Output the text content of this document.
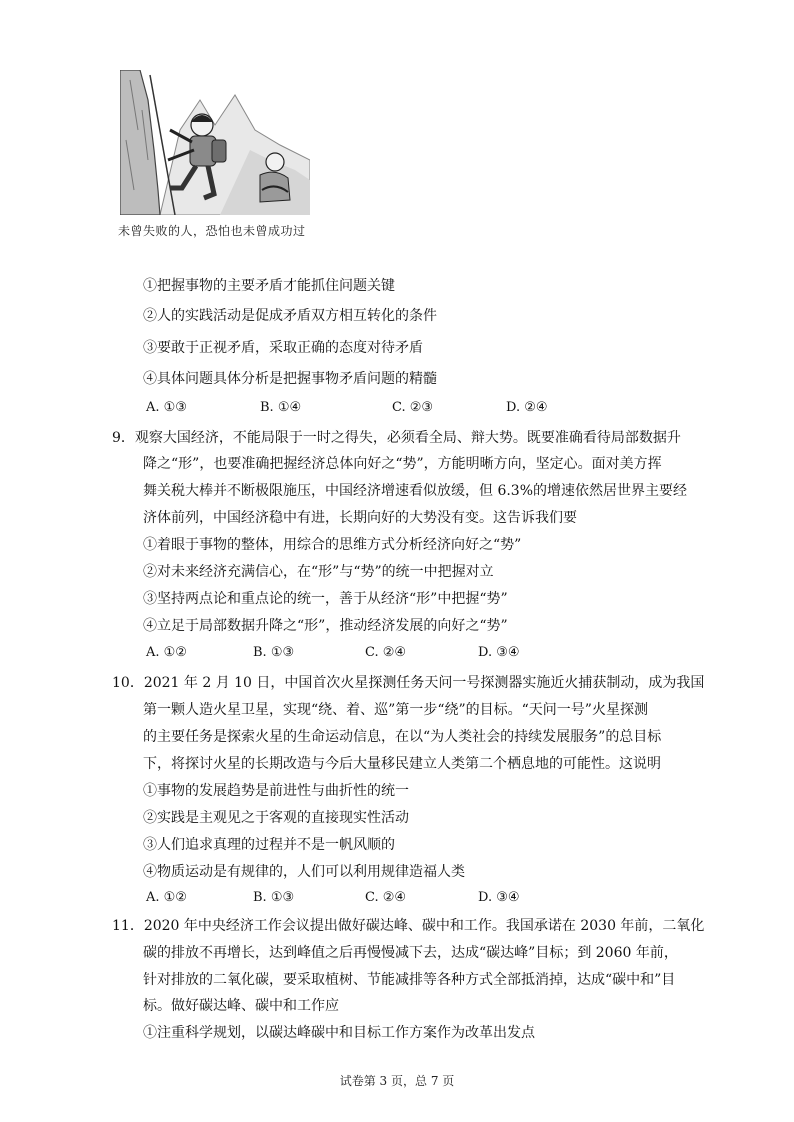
未曾失败的人，恐怕也未曾成功过
①把握事物的主要矛盾才能抓住问题关键
②人的实践活动是促成矛盾双方相互转化的条件
③要敢于正视矛盾，采取正确的态度对待矛盾
④具体问题具体分析是把握事物矛盾问题的精髓
A. ①③	B. ①④	C. ②③	D. ②④
9．观察大国经济，不能局限于一时之得失，必须看全局、辩大势。既要准确看待局部数据升
降之“形”，也要准确把握经济总体向好之“势”，方能明晰方向，坚定心。面对美方挥
舞关税大棒并不断极限施压，中国经济增速看似放缓，但 6.3%的增速依然居世界主要经
济体前列，中国经济稳中有进，长期向好的大势没有变。这告诉我们要
①着眼于事物的整体，用综合的思维方式分析经济向好之“势”
②对未来经济充满信心，在“形”与“势”的统一中把握对立
③坚持两点论和重点论的统一，善于从经济“形”中把握“势”
④立足于局部数据升降之“形”，推动经济发展的向好之“势”
A. ①②	B. ①③	C. ②④	D. ③④
10．2021 年 2 月 10 日，中国首次火星探测任务天问一号探测器实施近火捕获制动，成为我国
第一颗人造火星卫星，实现“绕、着、巡”第一步“绕”的目标。“天问一号”火星探测
的主要任务是探索火星的生命运动信息，在以“为人类社会的持续发展服务”的总目标
下，将探讨火星的长期改造与今后大量移民建立人类第二个栖息地的可能性。这说明
①事物的发展趋势是前进性与曲折性的统一
②实践是主观见之于客观的直接现实性活动
③人们追求真理的过程并不是一帆风顺的
④物质运动是有规律的，人们可以利用规律造福人类
A. ①②	B. ①③	C. ②④	D. ③④
11．2020 年中央经济工作会议提出做好碳达峰、碳中和工作。我国承诺在 2030 年前，二氧化
碳的排放不再增长，达到峰值之后再慢慢减下去，达成“碳达峰”目标；到 2060 年前，
针对排放的二氧化碳，要采取植树、节能减排等各种方式全部抵消掉，达成“碳中和”目
标。做好碳达峰、碳中和工作应
①注重科学规划，以碳达峰碳中和目标工作方案作为改革出发点
试卷第 3 页，总 7 页
